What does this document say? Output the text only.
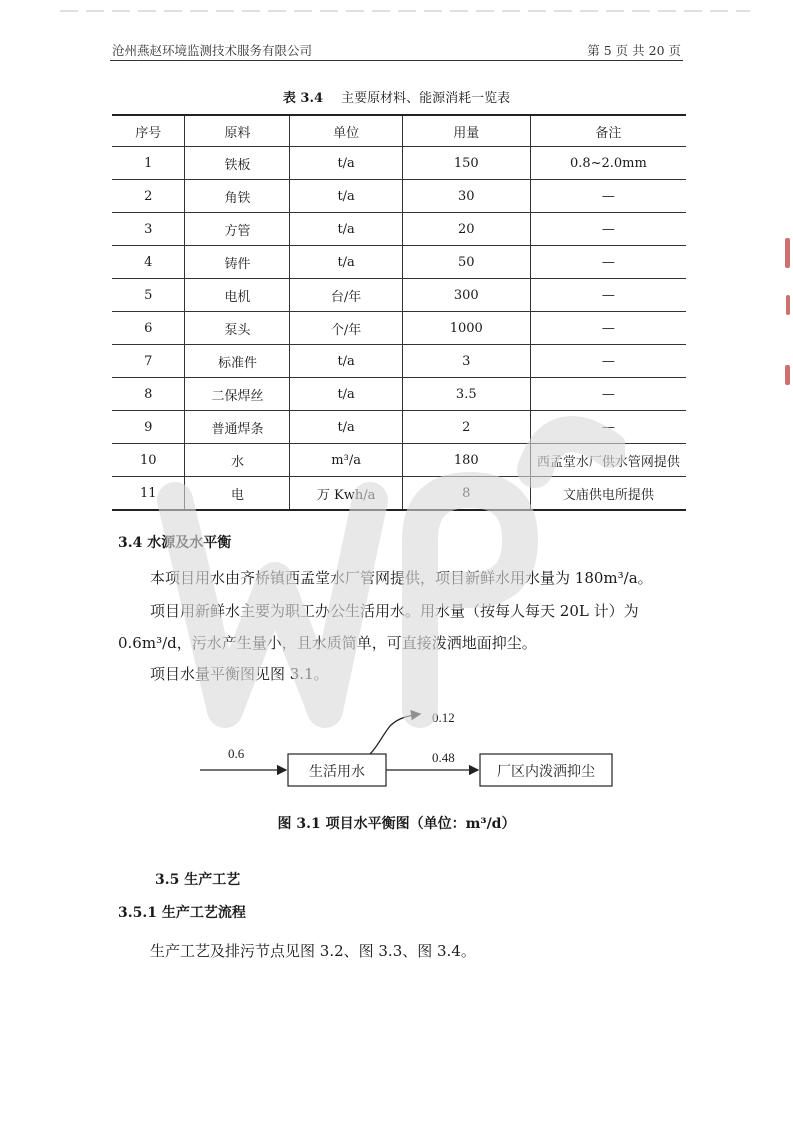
沧州燕赵环境监测技术服务有限公司	第 5 页 共 20 页
表 3.4 主要原材料、能源消耗一览表
序号	原料	单位	用量	备注
1	铁板	t/a	150	0.8~2.0mm
2	角铁	t/a	30	—
3	方管	t/a	20	—
4	铸件	t/a	50	—
5	电机	台/年	300	—
6	泵头	个/年	1000	—
7	标准件	t/a	3	—
8	二保焊丝	t/a	3.5	—
9	普通焊条	t/a	2	—
10	水	m³/a	180	西孟堂水厂供水管网提供
11	电	万 Kwh/a	8	文庙供电所提供
3.4 水源及水平衡
本项目用水由齐桥镇西孟堂水厂管网提供，项目新鲜水用水量为 180m³/a。
项目用新鲜水主要为职工办公生活用水。用水量（按每人每天 20L 计）为
0.6m³/d，污水产生量小，且水质简单，可直接泼洒地面抑尘。
项目水量平衡图见图 3.1。
0.6
生活用水
0.12
0.48
厂区内泼洒抑尘
图 3.1 项目水平衡图（单位：m³/d）
3.5 生产工艺
3.5.1 生产工艺流程
生产工艺及排污节点见图 3.2、图 3.3、图 3.4。
